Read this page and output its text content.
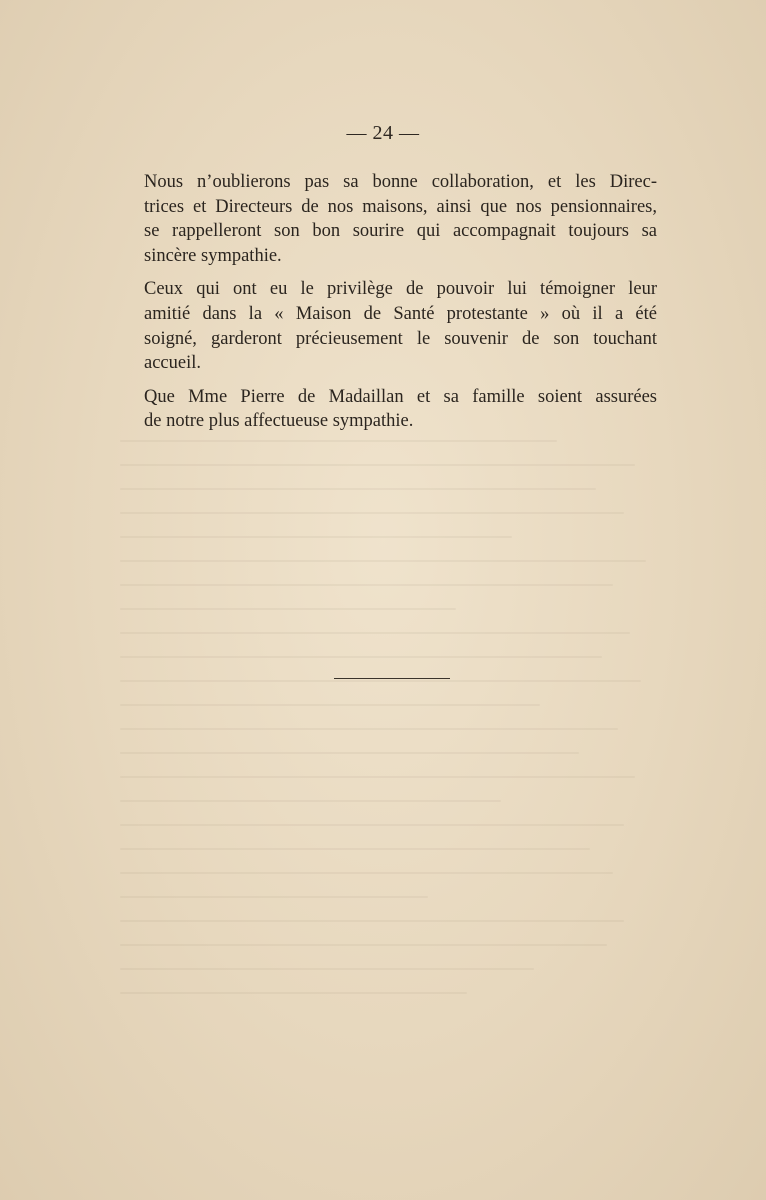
— 24 —

Nous n’oublierons pas sa bonne collaboration, et les Direc-
trices et Directeurs de nos maisons, ainsi que nos pensionnaires,
se rappelleront son bon sourire qui accompagnait toujours sa
sincère sympathie.

Ceux qui ont eu le privilège de pouvoir lui témoigner leur
amitié dans la « Maison de Santé protestante » où il a été
soigné, garderont précieusement le souvenir de son touchant
accueil.

Que Mme Pierre de Madaillan et sa famille soient assurées
de notre plus affectueuse sympathie.
